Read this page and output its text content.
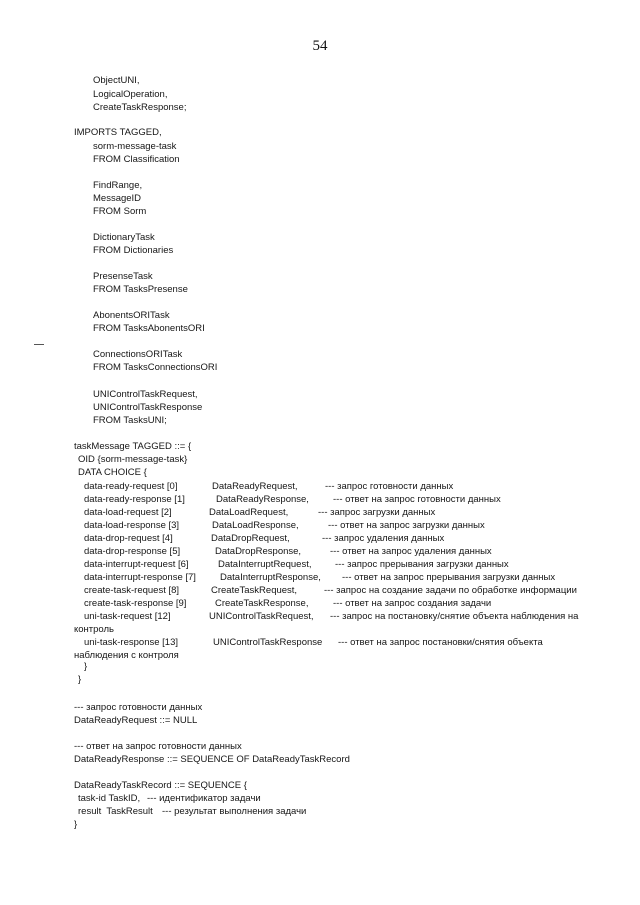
54
ObjectUNI,
LogicalOperation,
CreateTaskResponse;
IMPORTS TAGGED,
sorm-message-task
FROM Classification
FindRange,
MessageID
FROM Sorm
DictionaryTask
FROM Dictionaries
PresenseTask
FROM TasksPresense
AbonentsORITask
FROM TasksAbonentsORI
ConnectionsORITask
FROM TasksConnectionsORI
UNIControlTaskRequest,
UNIControlTaskResponse
FROM TasksUNI;
taskMessage TAGGED ::= {
OID {sorm-message-task}
DATA CHOICE {
data-ready-request [0]	DataReadyRequest,	--- запрос готовности данных
data-ready-response [1]	DataReadyResponse,	--- ответ на запрос готовности данных
data-load-request [2]	DataLoadRequest,	--- запрос загрузки данных
data-load-response [3]	DataLoadResponse,	--- ответ на запрос загрузки данных
data-drop-request [4]	DataDropRequest,	--- запрос удаления данных
data-drop-response [5]	DataDropResponse,	--- ответ на запрос удаления данных
data-interrupt-request [6]	DataInterruptRequest, --- запрос прерывания загрузки данных
data-interrupt-response [7]	DataInterruptResponse, --- ответ на запрос прерывания загрузки данных
create-task-request [8]	CreateTaskRequest,	--- запрос на создание задачи по обработке информации
create-task-response [9]	CreateTaskResponse,	--- ответ на запрос создания задачи
uni-task-request [12]	UNIControlTaskRequest, --- запрос на постановку/снятие объекта наблюдения на
контроль
uni-task-response [13]	UNIControlTaskResponse --- ответ на запрос постановки/снятия объекта
наблюдения с контроля
}
}
--- запрос готовности данных
DataReadyRequest ::= NULL
--- ответ на запрос готовности данных
DataReadyResponse ::= SEQUENCE OF DataReadyTaskRecord
DataReadyTaskRecord ::= SEQUENCE {
task-id TaskID, --- идентификатор задачи
result  TaskResult --- результат выполнения задачи
}
